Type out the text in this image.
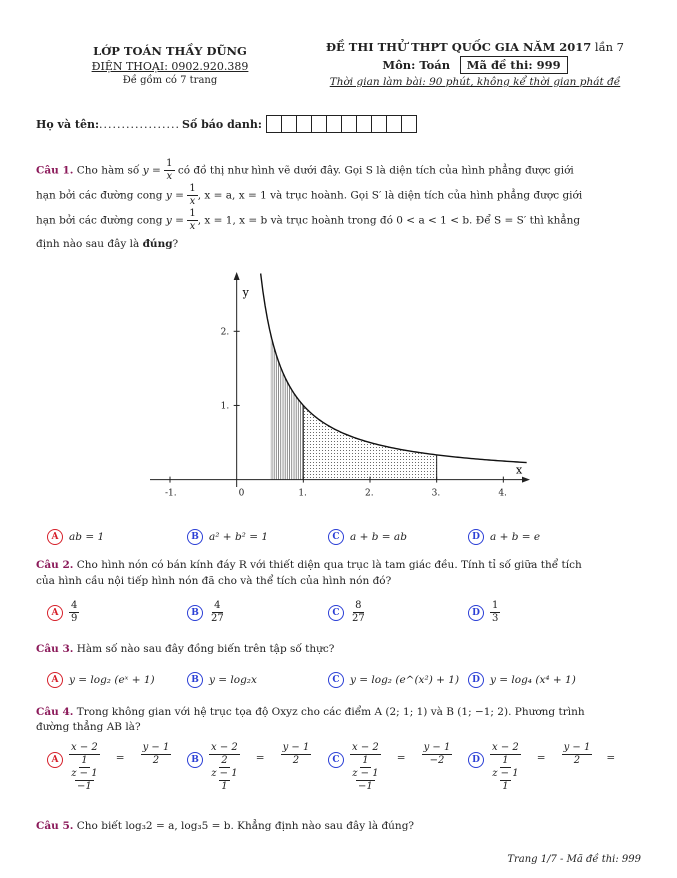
LỚP TOÁN THẦY DŨNG
ĐIỆN THOẠI: 0902.920.389
Đề gồm có 7 trang
ĐỀ THI THỬ THPT QUỐC GIA NĂM 2017 lần 7
Môn: Toán Mã đề thi: 999
Thời gian làm bài: 90 phút, không kể thời gian phát đề
Họ và tên: .................. Số báo danh:
Câu 1. Cho hàm số $y = \frac{1}{x}$ có đồ thị như hình vẽ dưới đây. Gọi S là diện tích của hình phẳng được giới
hạn bởi các đường cong $y = \frac{1}{x}$ , x = a, x = 1 và trục hoành. Gọi S′ là diện tích của hình phẳng được giới
hạn bởi các đường cong $y = \frac{1}{x}$ , x = 1, x = b và trục hoành trong đó 0 < a < 1 < b. Để S = S′ thì khẳng
định nào sau đây là đúng?
x
y
-1.	0	1.	2.	3.	4.
1.
2.
A	ab = 1	B a² + b² = 1	C a + b = ab	D a + b = e
Câu 2. Cho hình nón có bán kính đáy R với thiết diện qua trục là tam giác đều. Tính tỉ số giữa thể tích
của hình cầu nội tiếp hình nón đã cho và thể tích của hình nón đó?
A	$\frac{4}{9}$	B	$\frac{4}{27}$	C	$\frac{8}{27}$	D	$\frac{1}{3}$
Câu 3. Hàm số nào sau đây đồng biến trên tập số thực?
A	y = log₂ (eˣ + 1)	B y = log₂x	C y = log₂ (e^(x²) + 1)	D y = log₄ (x⁴ + 1)
Câu 4. Trong không gian với hệ trục tọa độ Oxyz cho các điểm A (2; 1; 1) và B (1; −1; 2). Phương trình
đường thẳng AB là?
A
x − 2
1
z − 1
−1
= $\frac{y - 1}{2}$	B
x − 2
2
z − 1
1
= $\frac{y - 1}{2}$	C
x − 2
1
z − 1
−1
= $\frac{y - 1}{-2}$	D
x − 2
1
z − 1
1
= $\frac{y - 1}{2}$ =
Câu 5. Cho biết log₃2 = a, log₃5 = b. Khẳng định nào sau đây là đúng?
Trang 1/7 - Mã đề thi: 999
